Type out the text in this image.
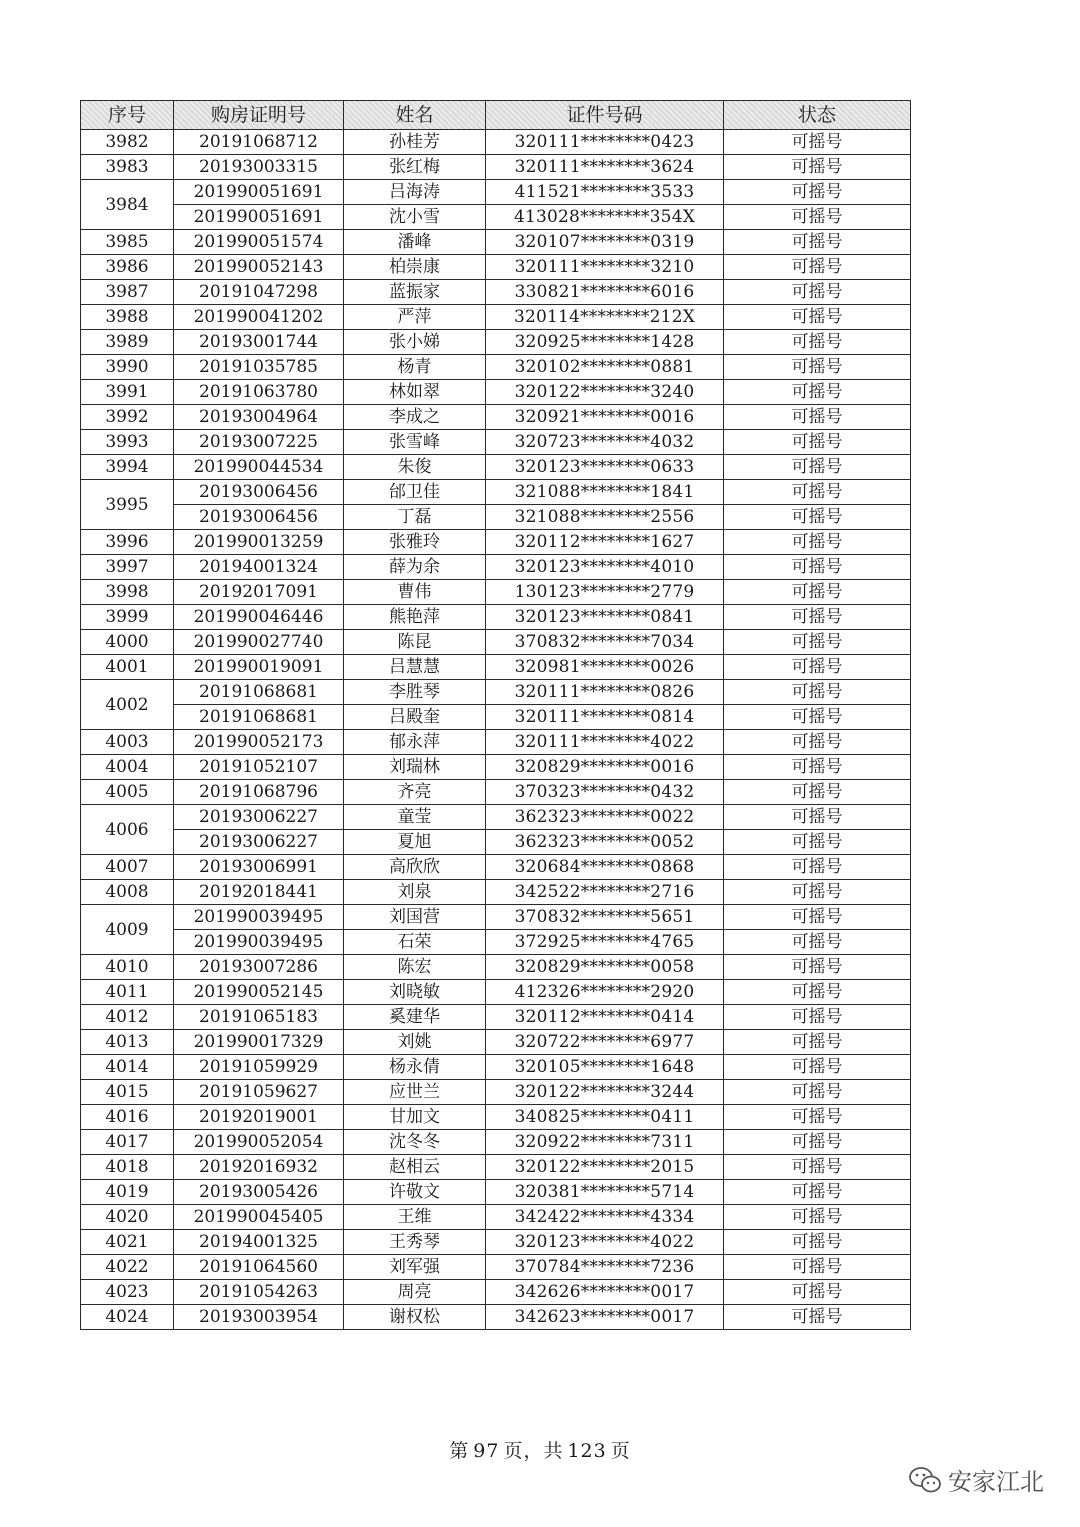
序号	购房证明号	姓名	证件号码	状态
3982	20191068712	孙桂芳	320111********0423	可摇号
3983	20193003315	张红梅	320111********3624	可摇号
3984	201990051691	吕海涛	411521********3533	可摇号
	201990051691	沈小雪	413028********354X	可摇号
3985	201990051574	潘峰	320107********0319	可摇号
3986	201990052143	柏崇康	320111********3210	可摇号
3987	20191047298	蓝振家	330821********6016	可摇号
3988	201990041202	严萍	320114********212X	可摇号
3989	20193001744	张小娣	320925********1428	可摇号
3990	20191035785	杨青	320102********0881	可摇号
3991	20191063780	林如翠	320122********3240	可摇号
3992	20193004964	李成之	320921********0016	可摇号
3993	20193007225	张雪峰	320723********4032	可摇号
3994	201990044534	朱俊	320123********0633	可摇号
3995	20193006456	邰卫佳	321088********1841	可摇号
	20193006456	丁磊	321088********2556	可摇号
3996	201990013259	张雅玲	320112********1627	可摇号
3997	20194001324	薛为余	320123********4010	可摇号
3998	20192017091	曹伟	130123********2779	可摇号
3999	201990046446	熊艳萍	320123********0841	可摇号
4000	201990027740	陈昆	370832********7034	可摇号
4001	201990019091	吕慧慧	320981********0026	可摇号
4002	20191068681	李胜琴	320111********0826	可摇号
	20191068681	吕殿奎	320111********0814	可摇号
4003	201990052173	郁永萍	320111********4022	可摇号
4004	20191052107	刘瑞林	320829********0016	可摇号
4005	20191068796	齐亮	370323********0432	可摇号
4006	20193006227	童莹	362323********0022	可摇号
	20193006227	夏旭	362323********0052	可摇号
4007	20193006991	高欣欣	320684********0868	可摇号
4008	20192018441	刘泉	342522********2716	可摇号
4009	201990039495	刘国营	370832********5651	可摇号
	201990039495	石荣	372925********4765	可摇号
4010	20193007286	陈宏	320829********0058	可摇号
4011	201990052145	刘晓敏	412326********2920	可摇号
4012	20191065183	奚建华	320112********0414	可摇号
4013	201990017329	刘姚	320722********6977	可摇号
4014	20191059929	杨永倩	320105********1648	可摇号
4015	20191059627	应世兰	320122********3244	可摇号
4016	20192019001	甘加文	340825********0411	可摇号
4017	201990052054	沈冬冬	320922********7311	可摇号
4018	20192016932	赵相云	320122********2015	可摇号
4019	20193005426	许敬文	320381********5714	可摇号
4020	201990045405	王维	342422********4334	可摇号
4021	20194001325	王秀琴	320123********4022	可摇号
4022	20191064560	刘军强	370784********7236	可摇号
4023	20191054263	周亮	342626********0017	可摇号
4024	20193003954	谢权松	342623********0017	可摇号
第 97 页，共 123 页
安家江北
